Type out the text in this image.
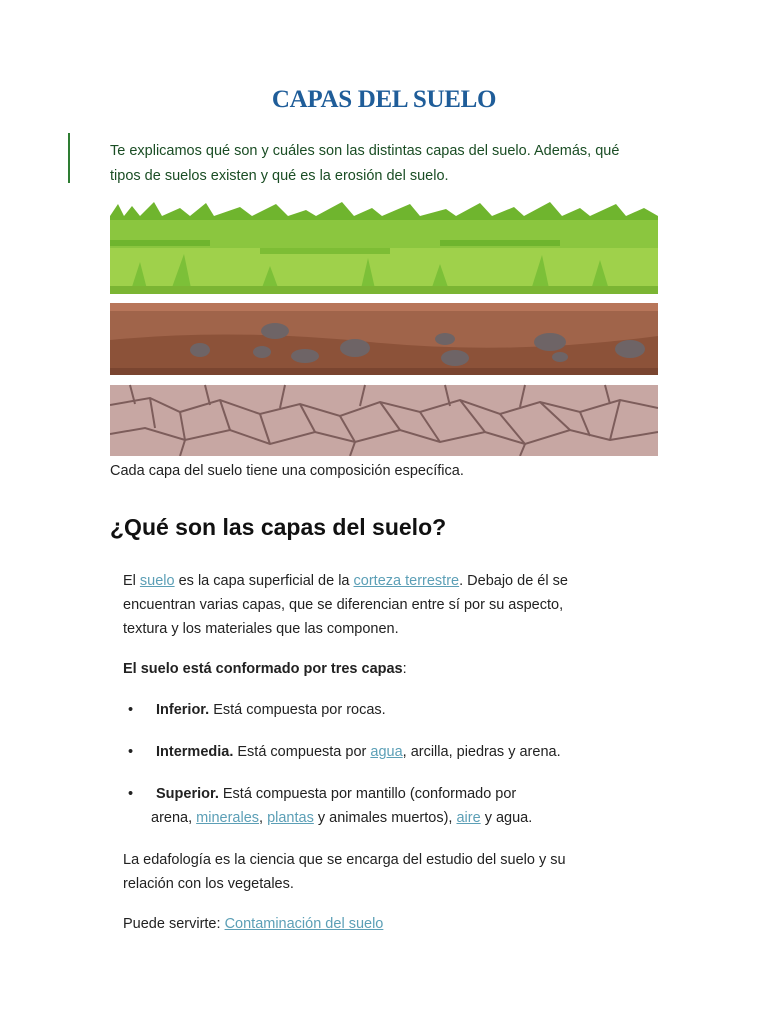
CAPAS DEL SUELO
Te explicamos qué son y cuáles son las distintas capas del suelo. Además, qué
tipos de suelos existen y qué es la erosión del suelo.
Cada capa del suelo tiene una composición específica.
¿Qué son las capas del suelo?
El suelo es la capa superficial de la corteza terrestre. Debajo de él se
encuentran varias capas, que se diferencian entre sí por su aspecto,
textura y los materiales que las componen.
El suelo está conformado por tres capas:
• Inferior. Está compuesta por rocas.
• Intermedia. Está compuesta por agua, arcilla, piedras y arena.
• Superior. Está compuesta por mantillo (conformado por
arena, minerales, plantas y animales muertos), aire y agua.
La edafología es la ciencia que se encarga del estudio del suelo y su
relación con los vegetales.
Puede servirte: Contaminación del suelo
